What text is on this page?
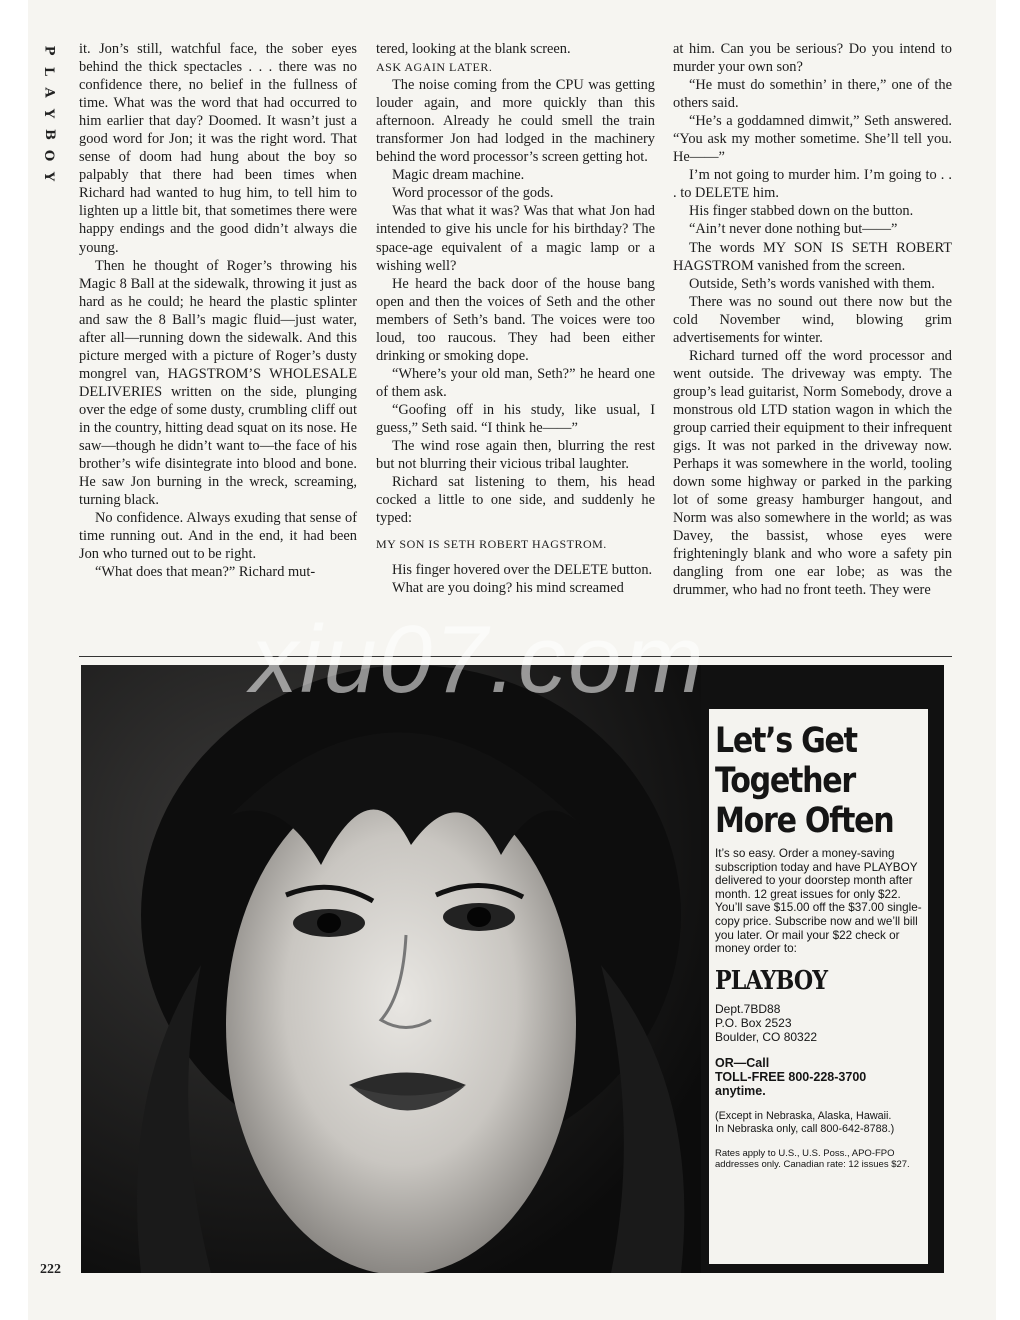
P
L
A
Y
B
O
Y

it. Jon’s still, watchful face, the sober eyes behind the thick spectacles . . . there was no confidence there, no belief in the fullness of time. What was the word that had occurred to him earlier that day? Doomed. It wasn’t just a good word for Jon; it was the right word. That sense of doom had hung about the boy so palpably that there had been times when Richard had wanted to hug him, to tell him to lighten up a little bit, that sometimes there were happy endings and the good didn’t always die young.

Then he thought of Roger’s throwing his Magic 8 Ball at the sidewalk, throwing it just as hard as he could; he heard the plastic splinter and saw the 8 Ball’s magic fluid—just water, after all—running down the sidewalk. And this picture merged with a picture of Roger’s dusty mongrel van, HAGSTROM’S WHOLESALE DELIVERIES written on the side, plunging over the edge of some dusty, crumbling cliff out in the country, hitting dead squat on its nose. He saw—though he didn’t want to—the face of his brother’s wife disintegrate into blood and bone. He saw Jon burning in the wreck, screaming, turning black.

No confidence. Always exuding that sense of time running out. And in the end, it had been Jon who turned out to be right.

“What does that mean?” Richard mut-

tered, looking at the blank screen.

ASK AGAIN LATER.

The noise coming from the CPU was getting louder again, and more quickly than this afternoon. Already he could smell the train transformer Jon had lodged in the machinery behind the word processor’s screen getting hot.

Magic dream machine.

Word processor of the gods.

Was that what it was? Was that what Jon had intended to give his uncle for his birthday? The space-age equivalent of a magic lamp or a wishing well?

He heard the back door of the house bang open and then the voices of Seth and the other members of Seth’s band. The voices were too loud, too raucous. They had been either drinking or smoking dope.

“Where’s your old man, Seth?” he heard one of them ask.

“Goofing off in his study, like usual, I guess,” Seth said. “I think he——”

The wind rose again then, blurring the rest but not blurring their vicious tribal laughter.

Richard sat listening to them, his head cocked a little to one side, and suddenly he typed:

MY SON IS SETH ROBERT HAGSTROM.

His finger hovered over the DELETE button.

What are you doing? his mind screamed

at him. Can you be serious? Do you intend to murder your own son?

“He must do somethin’ in there,” one of the others said.

“He’s a goddamned dimwit,” Seth answered. “You ask my mother sometime. She’ll tell you. He——”

I’m not going to murder him. I’m going to . . . to DELETE him.

His finger stabbed down on the button.

“Ain’t never done nothing but——”

The words MY SON IS SETH ROBERT HAGSTROM vanished from the screen.

Outside, Seth’s words vanished with them.

There was no sound out there now but the cold November wind, blowing grim advertisements for winter.

Richard turned off the word processor and went outside. The driveway was empty. The group’s lead guitarist, Norm Somebody, drove a monstrous old LTD station wagon in which the group carried their equipment to their infrequent gigs. It was not parked in the driveway now. Perhaps it was somewhere in the world, tooling down some highway or parked in the parking lot of some greasy hamburger hangout, and Norm was also somewhere in the world; as was Davey, the bassist, whose eyes were frighteningly blank and who wore a safety pin dangling from one ear lobe; as was the drummer, who had no front teeth. They were

Let’s Get
Together
More Often

It’s so easy. Order a money-saving subscription today and have PLAYBOY delivered to your doorstep month after month. 12 great issues for only $22. You’ll save $15.00 off the $37.00 single-copy price. Subscribe now and we’ll bill you later. Or mail your $22 check or money order to:

PLAYBOY
Dept.7BD88
P.O. Box 2523
Boulder, CO 80322
OR—Call
TOLL-FREE 800-228-3700
anytime.
(Except in Nebraska, Alaska, Hawaii.
In Nebraska only, call 800-642-8788.)

Rates apply to U.S., U.S. Poss., APO-FPO addresses only. Canadian rate: 12 issues $27.

xiu07.com
222
